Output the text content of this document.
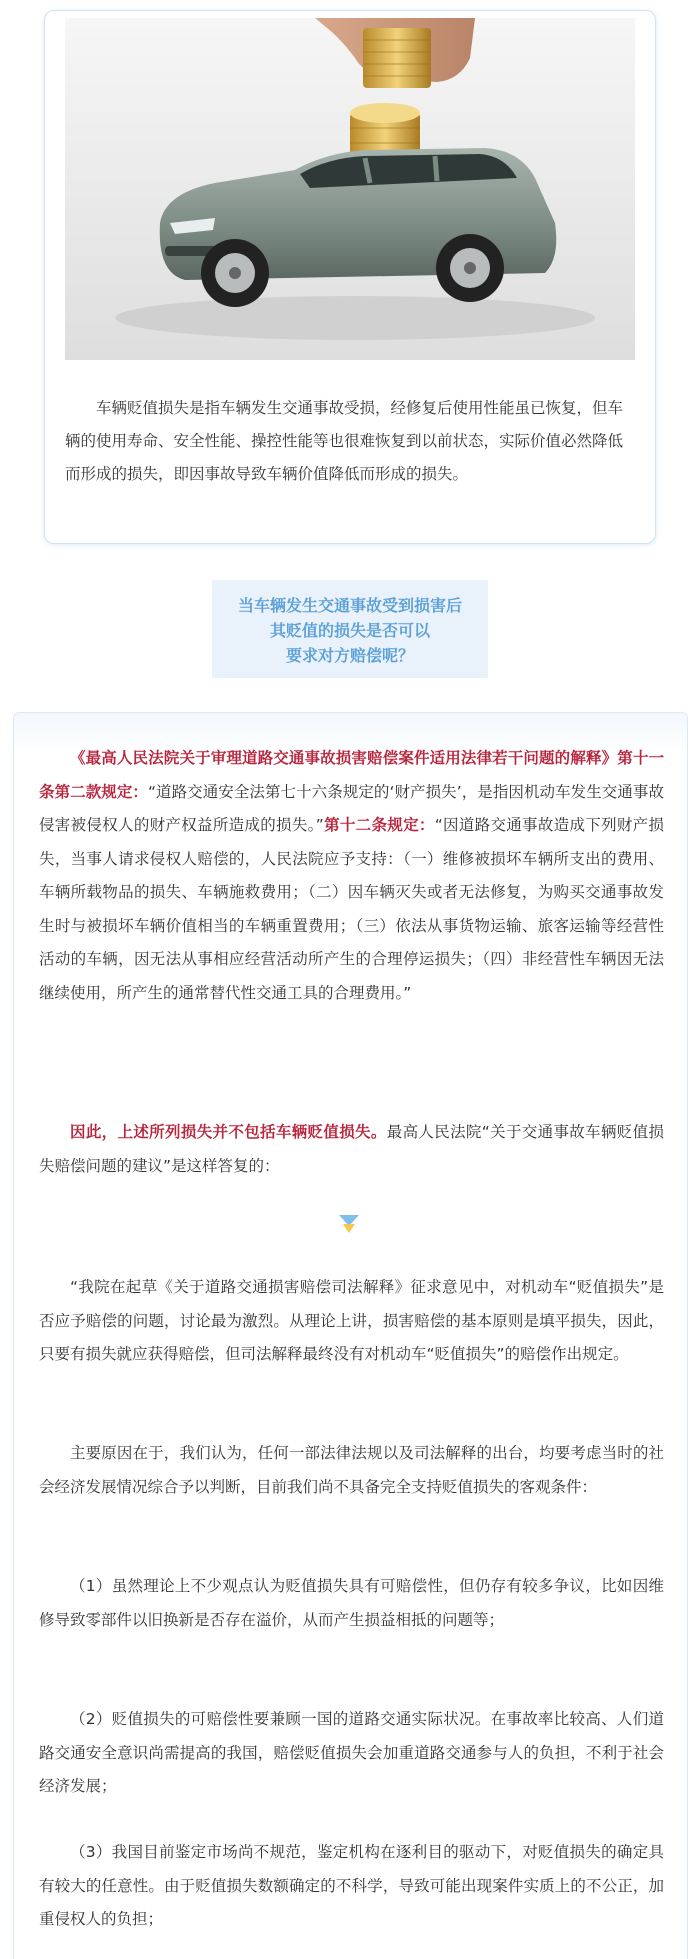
车辆贬值损失是指车辆发生交通事故受损，经修复后使用性能虽已恢复，但车辆的使用寿命、安全性能、操控性能等也很难恢复到以前状态，实际价值必然降低而形成的损失，即因事故导致车辆价值降低而形成的损失。

当车辆发生交通事故受到损害后
其贬值的损失是否可以
要求对方赔偿呢？

《最高人民法院关于审理道路交通事故损害赔偿案件适用法律若干问题的解释》第十一条第二款规定：“道路交通安全法第七十六条规定的‘财产损失’，是指因机动车发生交通事故侵害被侵权人的财产权益所造成的损失。”第十二条规定：“因道路交通事故造成下列财产损失，当事人请求侵权人赔偿的，人民法院应予支持：（一）维修被损坏车辆所支出的费用、车辆所载物品的损失、车辆施救费用；（二）因车辆灭失或者无法修复，为购买交通事故发生时与被损坏车辆价值相当的车辆重置费用；（三）依法从事货物运输、旅客运输等经营性活动的车辆，因无法从事相应经营活动所产生的合理停运损失；（四）非经营性车辆因无法继续使用，所产生的通常替代性交通工具的合理费用。”

因此，上述所列损失并不包括车辆贬值损失。最高人民法院“关于交通事故车辆贬值损失赔偿问题的建议”是这样答复的：

“我院在起草《关于道路交通损害赔偿司法解释》征求意见中，对机动车“贬值损失”是否应予赔偿的问题，讨论最为激烈。从理论上讲，损害赔偿的基本原则是填平损失，因此，只要有损失就应获得赔偿，但司法解释最终没有对机动车“贬值损失”的赔偿作出规定。

主要原因在于，我们认为，任何一部法律法规以及司法解释的出台，均要考虑当时的社会经济发展情况综合予以判断，目前我们尚不具备完全支持贬值损失的客观条件：

（1）虽然理论上不少观点认为贬值损失具有可赔偿性，但仍存有较多争议，比如因维修导致零部件以旧换新是否存在溢价，从而产生损益相抵的问题等；

（2）贬值损失的可赔偿性要兼顾一国的道路交通实际状况。在事故率比较高、人们道路交通安全意识尚需提高的我国，赔偿贬值损失会加重道路交通参与人的负担，不利于社会经济发展；

（3）我国目前鉴定市场尚不规范，鉴定机构在逐利目的驱动下，对贬值损失的确定具有较大的任意性。由于贬值损失数额确定的不科学，导致可能出现案件实质上的不公正，加重侵权人的负担；
